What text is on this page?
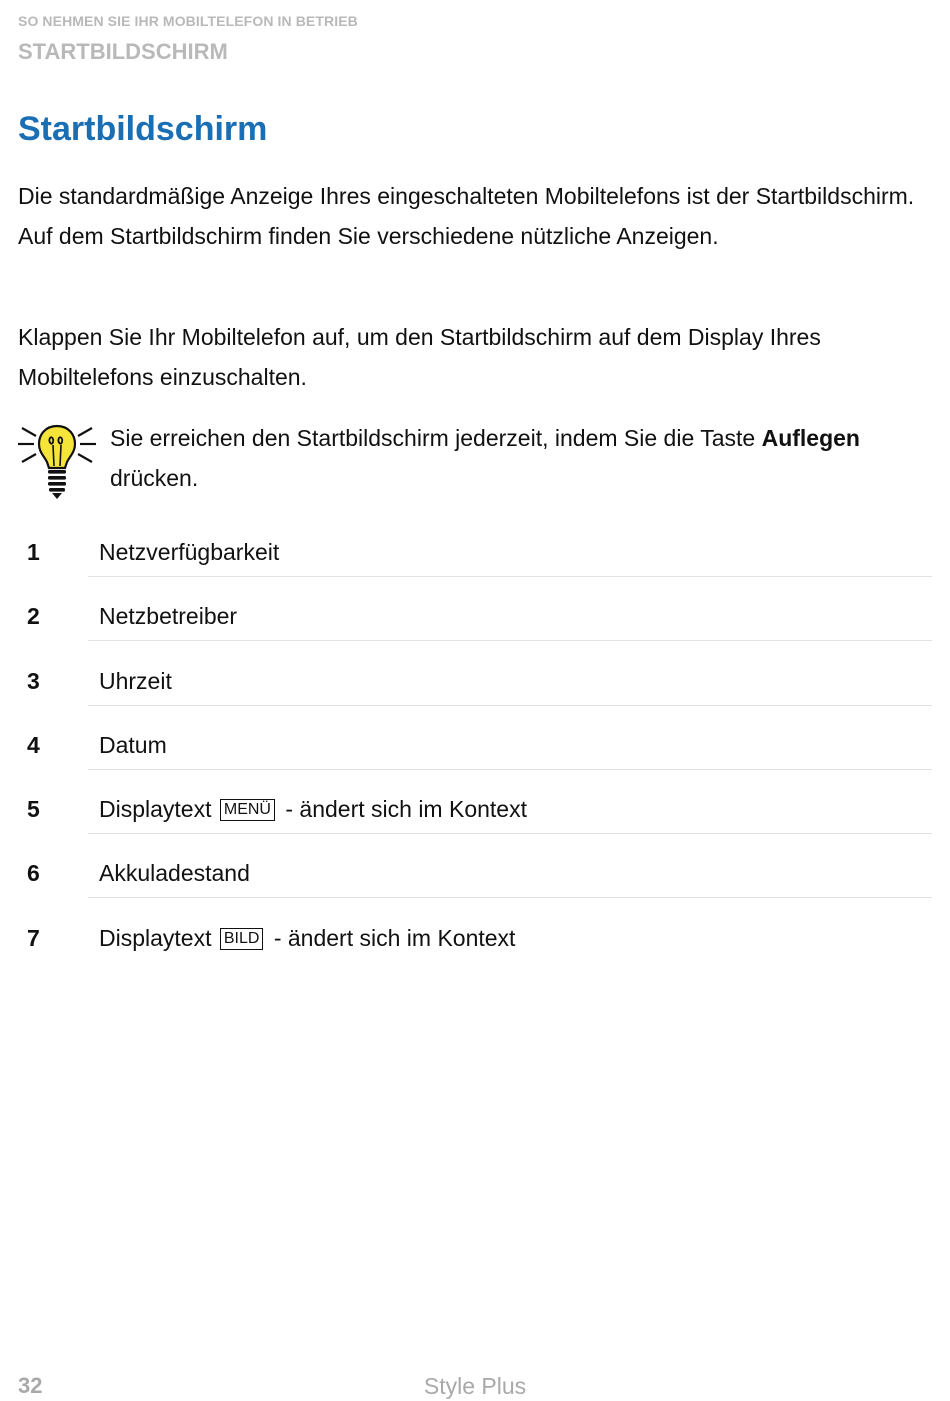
SO NEHMEN SIE IHR MOBILTELEFON IN BETRIEB
STARTBILDSCHIRM
Startbildschirm

Die standardmäßige Anzeige Ihres eingeschalteten Mobiltelefons ist der Startbildschirm. Auf dem Startbildschirm finden Sie verschiedene nützliche Anzeigen.

Klappen Sie Ihr Mobiltelefon auf, um den Startbildschirm auf dem Display Ihres Mobiltelefons einzuschalten.

Sie erreichen den Startbildschirm jederzeit, indem Sie die Taste Auflegen drücken.
1	Netzverfügbarkeit
2	Netzbetreiber
3	Uhrzeit
4	Datum
5	Displaytext MENÜ - ändert sich im Kontext
6	Akkuladestand
7	Displaytext BILD - ändert sich im Kontext
32	Style Plus
